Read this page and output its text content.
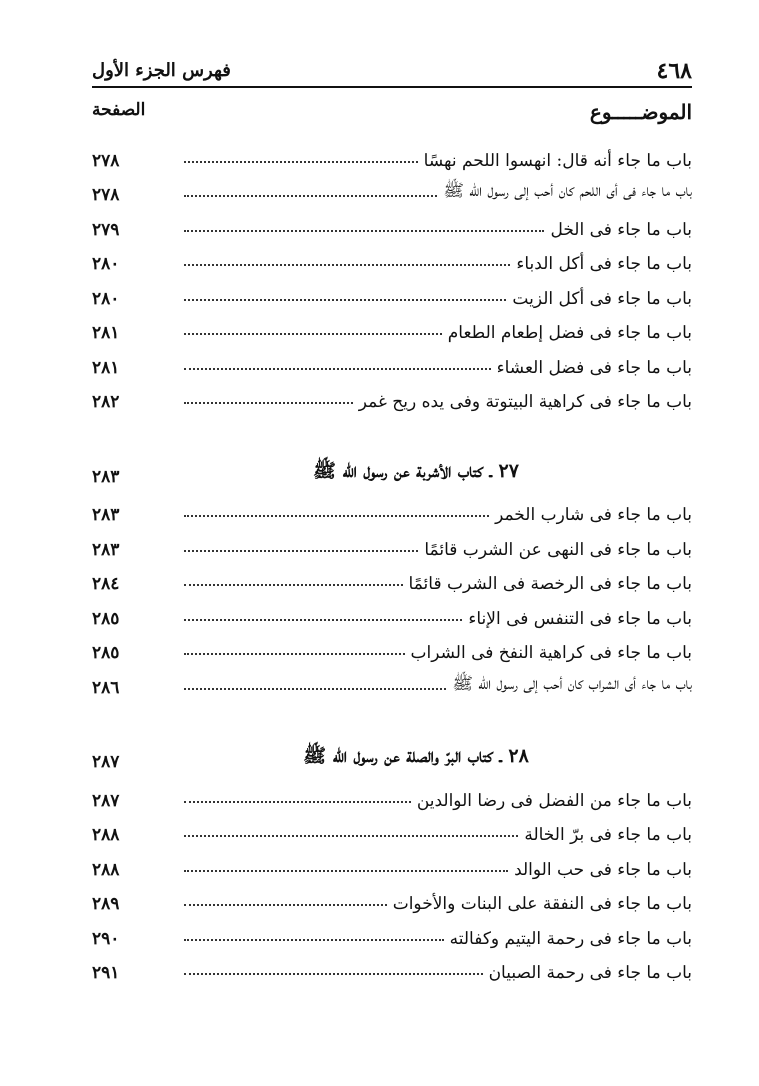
٤٦٨
فهرس الجزء الأول
الموضـــــوع
الصفحة
باب ما جاء أنه قال: انهسوا اللحم نهسًا
٢٧٨
باب ما جاء فى أى اللحم كان أحب إلى رسول الله ﷺ
٢٧٨
باب ما جاء فى الخل
٢٧٩
باب ما جاء فى أكل الدباء
٢٨٠
باب ما جاء فى أكل الزيت
٢٨٠
باب ما جاء فى فضل إطعام الطعام
٢٨١
باب ما جاء فى فضل العشاء
٢٨١
باب ما جاء فى كراهية البيتوتة وفى يده ريح غمر
٢٨٢
٢٧ ـ كتاب الأشربة عن رسول الله ﷺ
٢٨٣
باب ما جاء فى شارب الخمر
٢٨٣
باب ما جاء فى النهى عن الشرب قائمًا
٢٨٣
باب ما جاء فى الرخصة فى الشرب قائمًا
٢٨٤
باب ما جاء فى التنفس فى الإناء
٢٨٥
باب ما جاء فى كراهية النفخ فى الشراب
٢٨٥
باب ما جاء أى الشراب كان أحب إلى رسول الله ﷺ
٢٨٦
٢٨ ـ كتاب البرّ والصلة عن رسول الله ﷺ
٢٨٧
باب ما جاء من الفضل فى رضا الوالدين
٢٨٧
باب ما جاء فى برّ الخالة
٢٨٨
باب ما جاء فى حب الوالد
٢٨٨
باب ما جاء فى النفقة على البنات والأخوات
٢٨٩
باب ما جاء فى رحمة اليتيم وكفالته
٢٩٠
باب ما جاء فى رحمة الصبيان
٢٩١
